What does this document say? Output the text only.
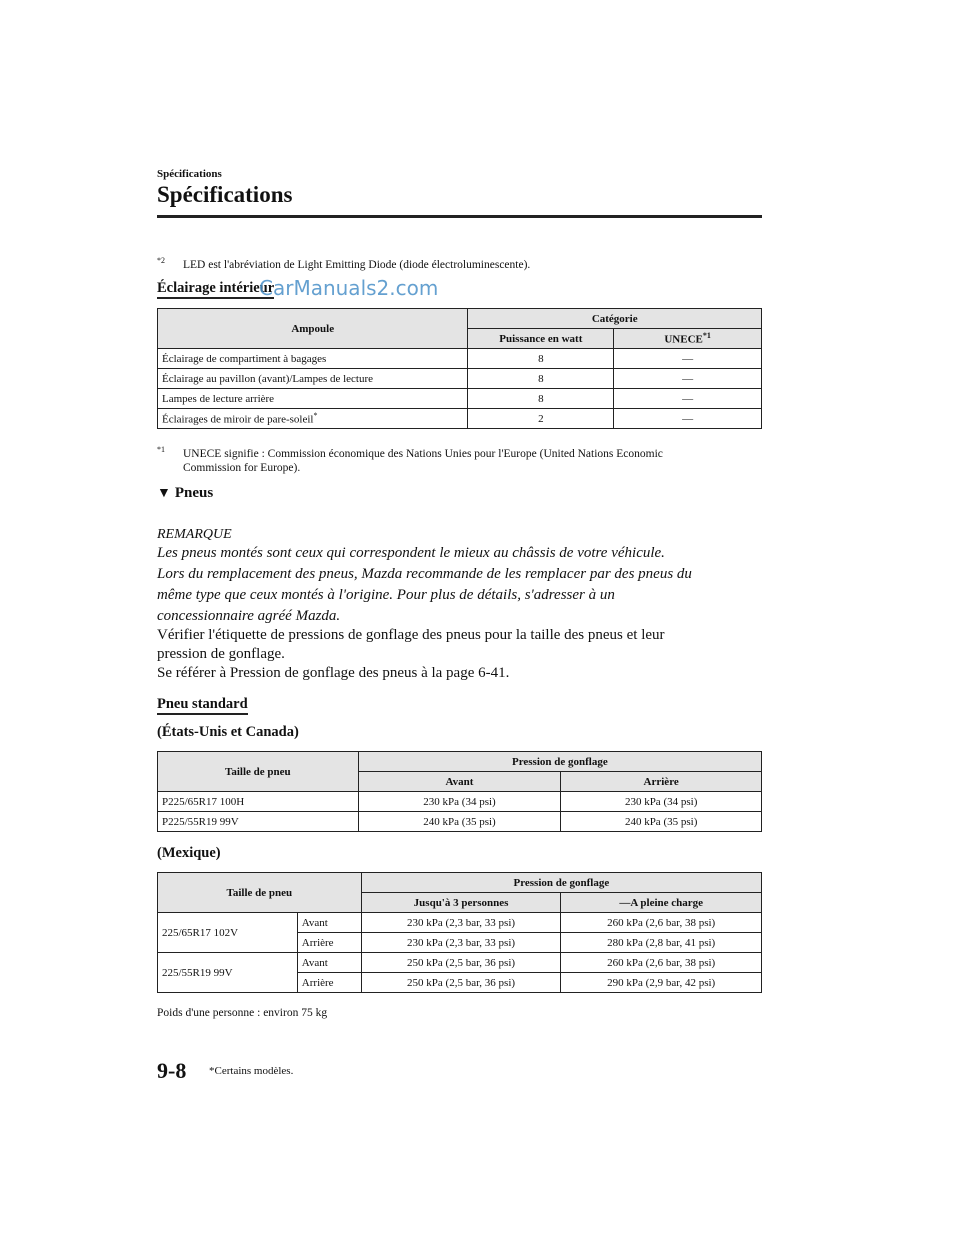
Spécifications
Spécifications
$^{*2}$ LED est l'abréviation de Light Emitting Diode (diode électroluminescente).
Éclairage intérieur
CarManuals2.com
Ampoule	Catégorie	
	Puissance en watt	UNECE$^{*1}$
Éclairage de compartiment à bagages	8	—
Éclairage au pavillon (avant)/Lampes de lecture	8	—
Lampes de lecture arrière	8	—
Éclairages de miroir de pare-soleil*	2	—
$^{*1}$ UNECE signifie : Commission économique des Nations Unies pour l'Europe (United Nations Economic
Commission for Europe).
▼ Pneus
REMARQUE
Les pneus montés sont ceux qui correspondent le mieux au châssis de votre véhicule.
Lors du remplacement des pneus, Mazda recommande de les remplacer par des pneus du
même type que ceux montés à l'origine. Pour plus de détails, s'adresser à un
concessionnaire agréé Mazda.
Vérifier l'étiquette de pressions de gonflage des pneus pour la taille des pneus et leur
pression de gonflage.
Se référer à Pression de gonflage des pneus à la page 6-41.
Pneu standard
(États-Unis et Canada)
Taille de pneu	Pression de gonflage	
	Avant	Arrière
P225/65R17 100H	230 kPa (34 psi)	230 kPa (34 psi)
P225/55R19 99V	240 kPa (35 psi)	240 kPa (35 psi)
(Mexique)
Taille de pneu		Pression de gonflage	
		Jusqu'à 3 personnes	—A pleine charge
225/65R17 102V	Avant	230 kPa (2,3 bar, 33 psi)	260 kPa (2,6 bar, 38 psi)
	Arrière	230 kPa (2,3 bar, 33 psi)	280 kPa (2,8 bar, 41 psi)
225/55R19 99V	Avant	250 kPa (2,5 bar, 36 psi)	260 kPa (2,6 bar, 38 psi)
	Arrière	250 kPa (2,5 bar, 36 psi)	290 kPa (2,9 bar, 42 psi)
Poids d'une personne : environ 75 kg
9-8 *Certains modèles.
